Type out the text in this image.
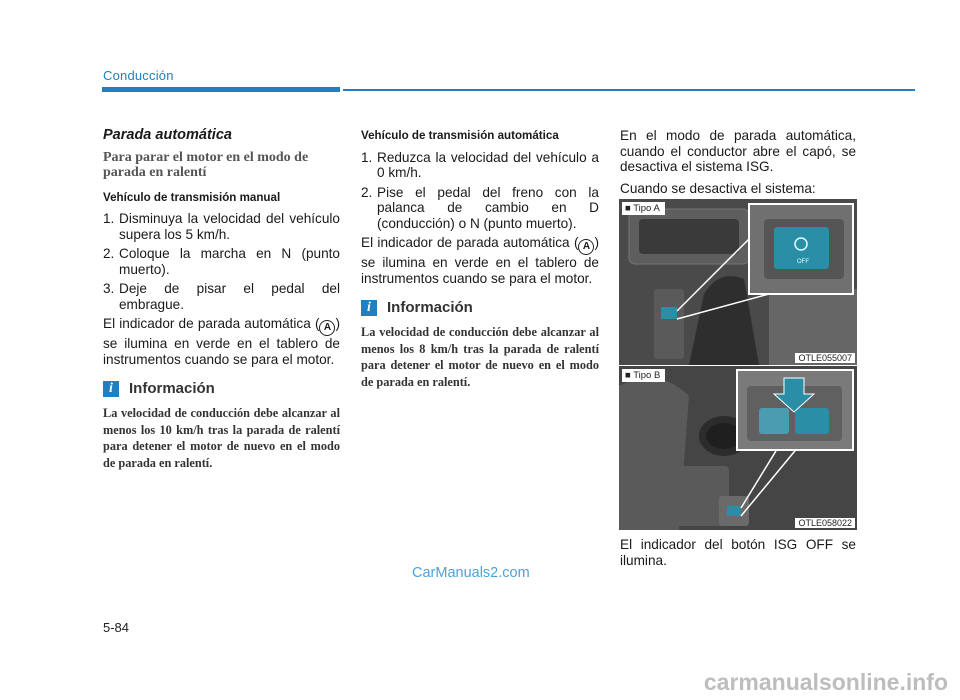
Conducción
Parada automática
Para parar el motor en el modo de parada en ralentí
Vehículo de transmisión manual
1. Disminuya la velocidad del vehículo supera los 5 km/h.
2. Coloque la marcha en N (punto muerto).
3. Deje de pisar el pedal del embrague.

El indicador de parada automática ( A ) se ilumina en verde en el tablero de instrumentos cuando se para el motor.

i	Información

La velocidad de conducción debe alcanzar al menos los 10 km/h tras la parada de ralentí para detener el motor de nuevo en el modo de parada en ralentí.

Vehículo de transmisión automática
1. Reduzca la velocidad del vehículo a 0 km/h.
2. Pise el pedal del freno con la palanca de cambio en D (conducción) o N (punto muerto).

El indicador de parada automática ( A ) se ilumina en verde en el tablero de instrumentos cuando se para el motor.

i	Información

La velocidad de conducción debe alcanzar al menos los 8 km/h tras la parada de ralentí para detener el motor de nuevo en el modo de parada en ralentí.

En el modo de parada automática, cuando el conductor abre el capó, se desactiva el sistema ISG.

Cuando se desactiva el sistema:

OFF
■ Tipo A
OTLE055007
■ Tipo B
OTLE058022

El indicador del botón ISG OFF se ilumina.

CarManuals2.com
5-84
carmanualsonline.info
